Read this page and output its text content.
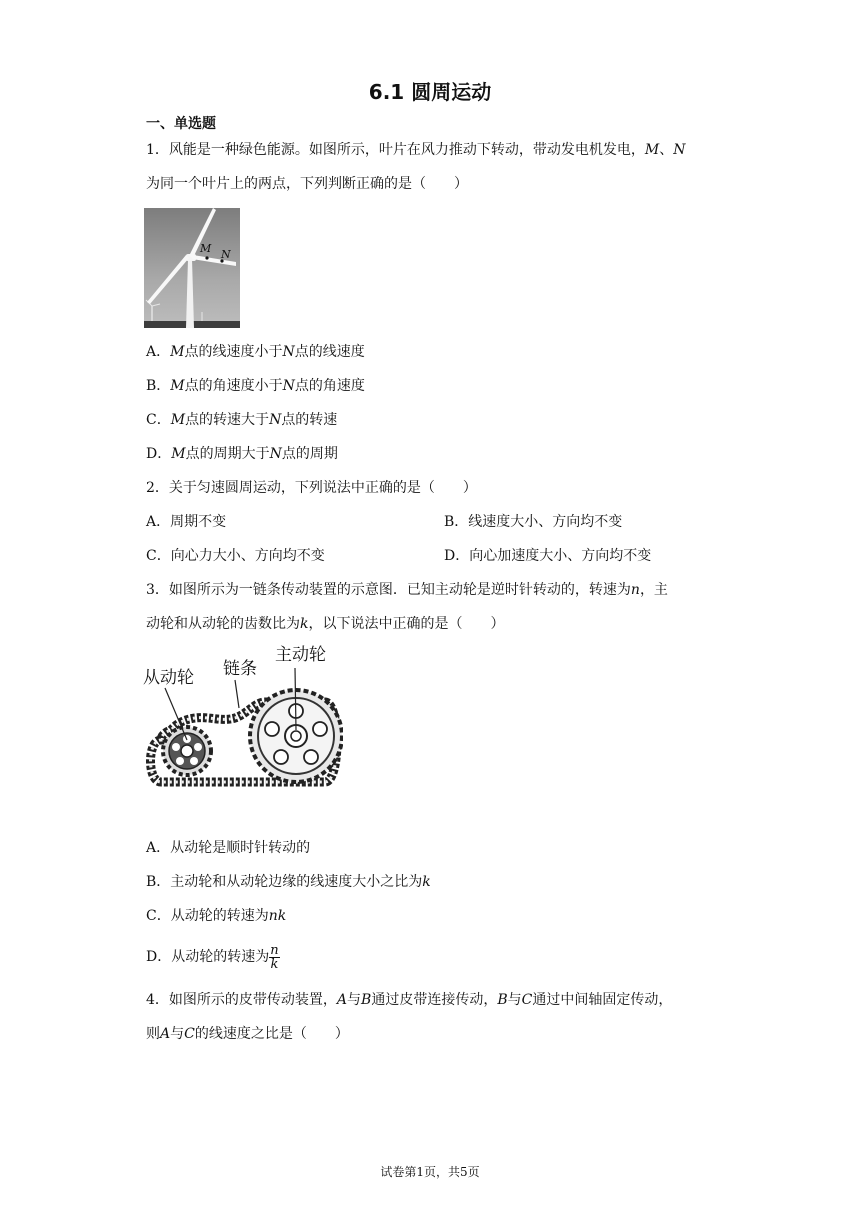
6.1 圆周运动
一、单选题
1．风能是一种绿色能源。如图所示，叶片在风力推动下转动，带动发电机发电，M、N
为同一个叶片上的两点，下列判断正确的是（　　）
M N
A．M点的线速度小于N点的线速度
B．M点的角速度小于N点的角速度
C．M点的转速大于N点的转速
D．M点的周期大于N点的周期
2．关于匀速圆周运动，下列说法中正确的是（　　）
A．周期不变	B．线速度大小、方向均不变
C．向心力大小、方向均不变	D．向心加速度大小、方向均不变
3．如图所示为一链条传动装置的示意图．已知主动轮是逆时针转动的，转速为n，主
动轮和从动轮的齿数比为k，以下说法中正确的是（　　）
从动轮 链条
主动轮
A．从动轮是顺时针转动的
B．主动轮和从动轮边缘的线速度大小之比为k
C．从动轮的转速为nk
D．从动轮的转速为 $\frac{n}{k}$
4．如图所示的皮带传动装置，A与B通过皮带连接传动，B与C通过中间轴固定传动，
则A与C的线速度之比是（　　）
试卷第1页，共5页
